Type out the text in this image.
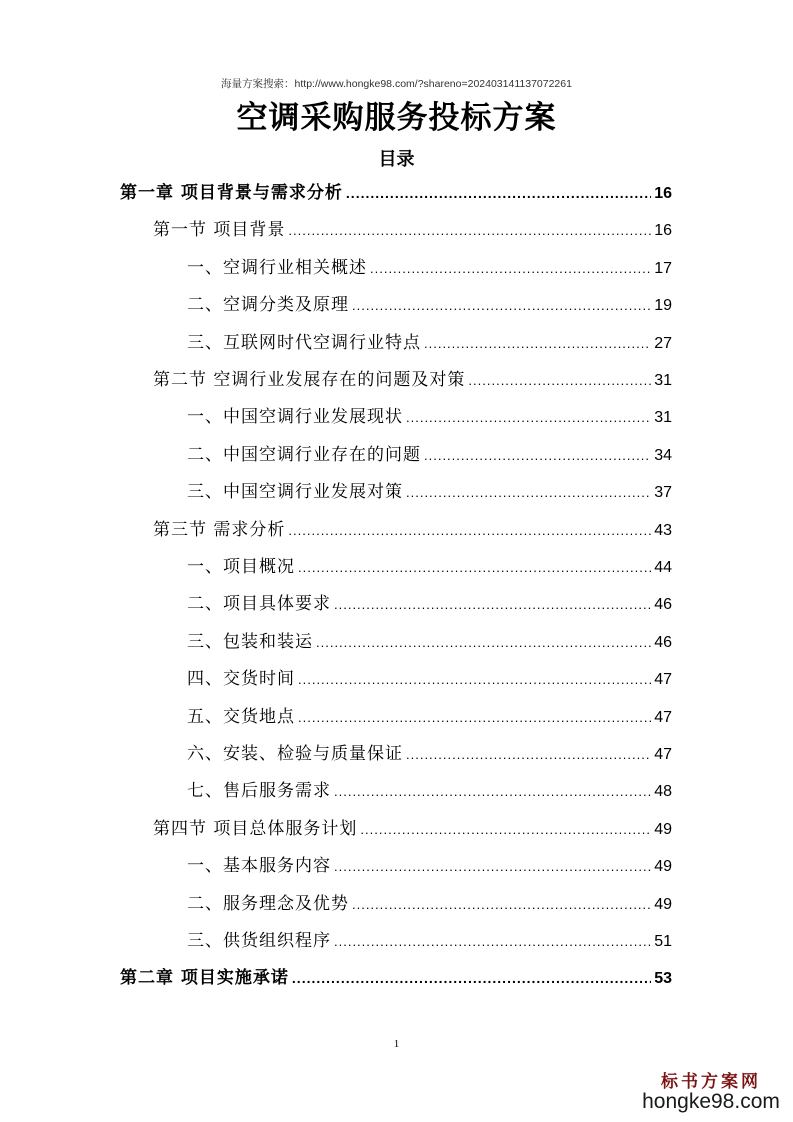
海量方案搜索：http://www.hongke98.com/?shareno=202403141137072261
空调采购服务投标方案
目录
第一章 项目背景与需求分析 .....	16
第一节 项目背景 .....	16
一、空调行业相关概述 .....	17
二、空调分类及原理 .....	19
三、互联网时代空调行业特点 .....	27
第二节 空调行业发展存在的问题及对策 .....	31
一、中国空调行业发展现状 .....	31
二、中国空调行业存在的问题 .....	34
三、中国空调行业发展对策 .....	37
第三节 需求分析 .....	43
一、项目概况 .....	44
二、项目具体要求 .....	46
三、包装和装运 .....	46
四、交货时间 .....	47
五、交货地点 .....	47
六、安装、检验与质量保证 .....	47
七、售后服务需求 .....	48
第四节 项目总体服务计划 .....	49
一、基本服务内容 .....	49
二、服务理念及优势 .....	49
三、供货组织程序 .....	51
第二章 项目实施承诺 .....	53
1
标书方案网
hongke98.com
